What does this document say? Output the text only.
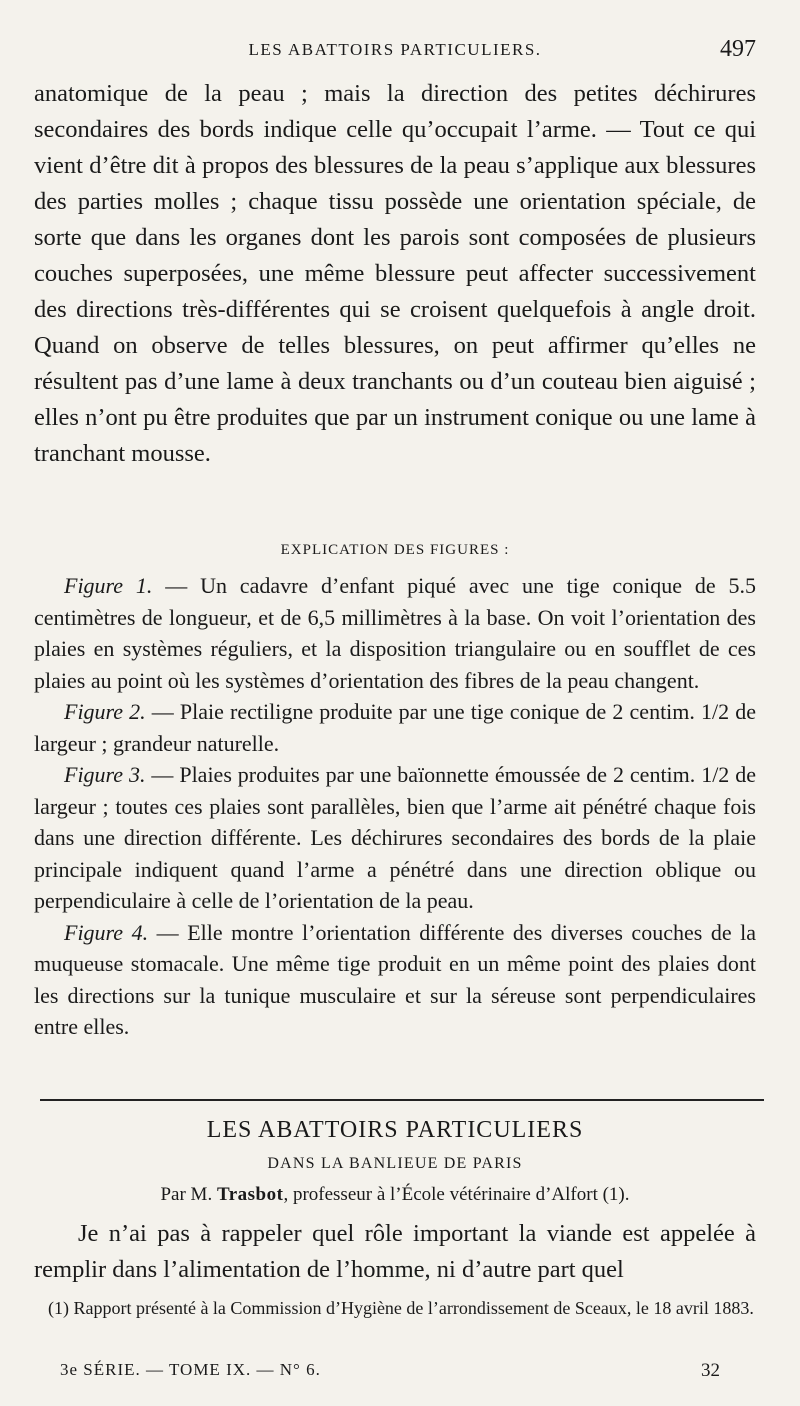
LES ABATTOIRS PARTICULIERS.	497

anatomique de la peau ; mais la direction des petites déchirures secondaires des bords indique celle qu’occupait l’arme. — Tout ce qui vient d’être dit à propos des blessures de la peau s’applique aux blessures des parties molles ; chaque tissu possède une orientation spéciale, de sorte que dans les organes dont les parois sont composées de plusieurs couches superposées, une même blessure peut affecter successivement des directions très-différentes qui se croisent quelquefois à angle droit. Quand on observe de telles blessures, on peut affirmer qu’elles ne résultent pas d’une lame à deux tranchants ou d’un couteau bien aiguisé ; elles n’ont pu être produites que par un instrument conique ou une lame à tranchant mousse.

EXPLICATION DES FIGURES :

Figure 1. — Un cadavre d’enfant piqué avec une tige conique de 5.5 centimètres de longueur, et de 6,5 millimètres à la base. On voit l’orientation des plaies en systèmes réguliers, et la disposition triangulaire ou en soufflet de ces plaies au point où les systèmes d’orientation des fibres de la peau changent.

Figure 2. — Plaie rectiligne produite par une tige conique de 2 centim. 1/2 de largeur ; grandeur naturelle.

Figure 3. — Plaies produites par une baïonnette émoussée de 2 centim. 1/2 de largeur ; toutes ces plaies sont parallèles, bien que l’arme ait pénétré chaque fois dans une direction différente. Les déchirures secondaires des bords de la plaie principale indiquent quand l’arme a pénétré dans une direction oblique ou perpendiculaire à celle de l’orientation de la peau.

Figure 4. — Elle montre l’orientation différente des diverses couches de la muqueuse stomacale. Une même tige produit en un même point des plaies dont les directions sur la tunique musculaire et sur la séreuse sont perpendiculaires entre elles.

LES ABATTOIRS PARTICULIERS
DANS LA BANLIEUE DE PARIS
Par M. Trasbot, professeur à l’École vétérinaire d’Alfort (1).

Je n’ai pas à rappeler quel rôle important la viande est appelée à remplir dans l’alimentation de l’homme, ni d’autre part quel

(1) Rapport présenté à la Commission d’Hygiène de l’arrondissement de Sceaux, le 18 avril 1883.

3e SÉRIE. — TOME IX. — N° 6.	32
